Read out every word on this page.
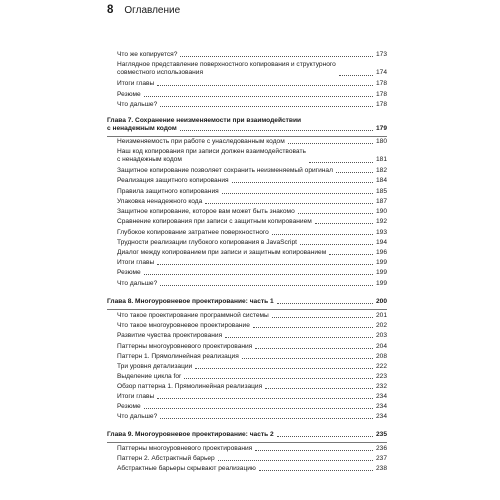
8 Оглавление
Что же копируется?	173
Наглядное представление поверхностного копирования и структурного
совместного использования	174
Итоги главы	178
Резюме	178
Что дальше?	178
Глава 7. Сохранение неизменяемости при взаимодействии
с ненадежным кодом	179
Неизменяемость при работе с унаследованным кодом	180
Наш код копирования при записи должен взаимодействовать
с ненадежным кодом	181
Защитное копирование позволяет сохранить неизменяемый оригинал	182
Реализация защитного копирования	184
Правила защитного копирования	185
Упаковка ненадежного кода	187
Защитное копирование, которое вам может быть знакомо	190
Сравнение копирования при записи с защитным копированием	192
Глубокое копирование затратнее поверхностного	193
Трудности реализации глубокого копирования в JavaScript	194
Диалог между копированием при записи и защитным копированием	196
Итоги главы	199
Резюме	199
Что дальше?	199
Глава 8. Многоуровневое проектирование: часть 1	200
Что такое проектирование программной системы	201
Что такое многоуровневое проектирование	202
Развитие чувства проектирования	203
Паттерны многоуровневого проектирования	204
Паттерн 1. Прямолинейная реализация	208
Три уровня детализации	222
Выделение цикла for	223
Обзор паттерна 1. Прямолинейная реализация	232
Итоги главы	234
Резюме	234
Что дальше?	234
Глава 9. Многоуровневое проектирование: часть 2	235
Паттерны многоуровневого проектирования	236
Паттерн 2. Абстрактный барьер	237
Абстрактные барьеры скрывают реализацию	238
